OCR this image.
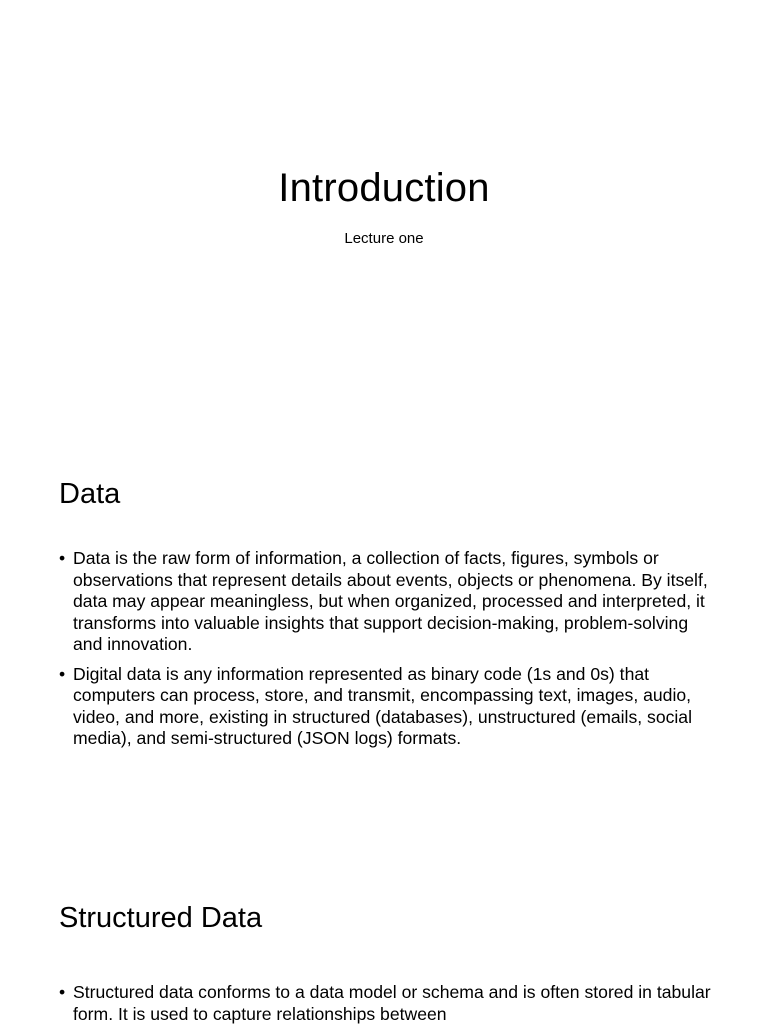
Introduction

Lecture one

Data
• Data is the raw form of information, a collection of facts, figures, symbols or observations that represent details about events, objects or phenomena. By itself, data may appear meaningless, but when organized, processed and interpreted, it transforms into valuable insights that support decision-making, problem-solving and innovation.
• Digital data is any information represented as binary code (1s and 0s) that computers can process, store, and transmit, encompassing text, images, audio, video, and more, existing in structured (databases), unstructured (emails, social media), and semi-structured (JSON logs) formats.
Structured Data
• Structured data conforms to a data model or schema and is often stored in tabular form. It is used to capture relationships between
